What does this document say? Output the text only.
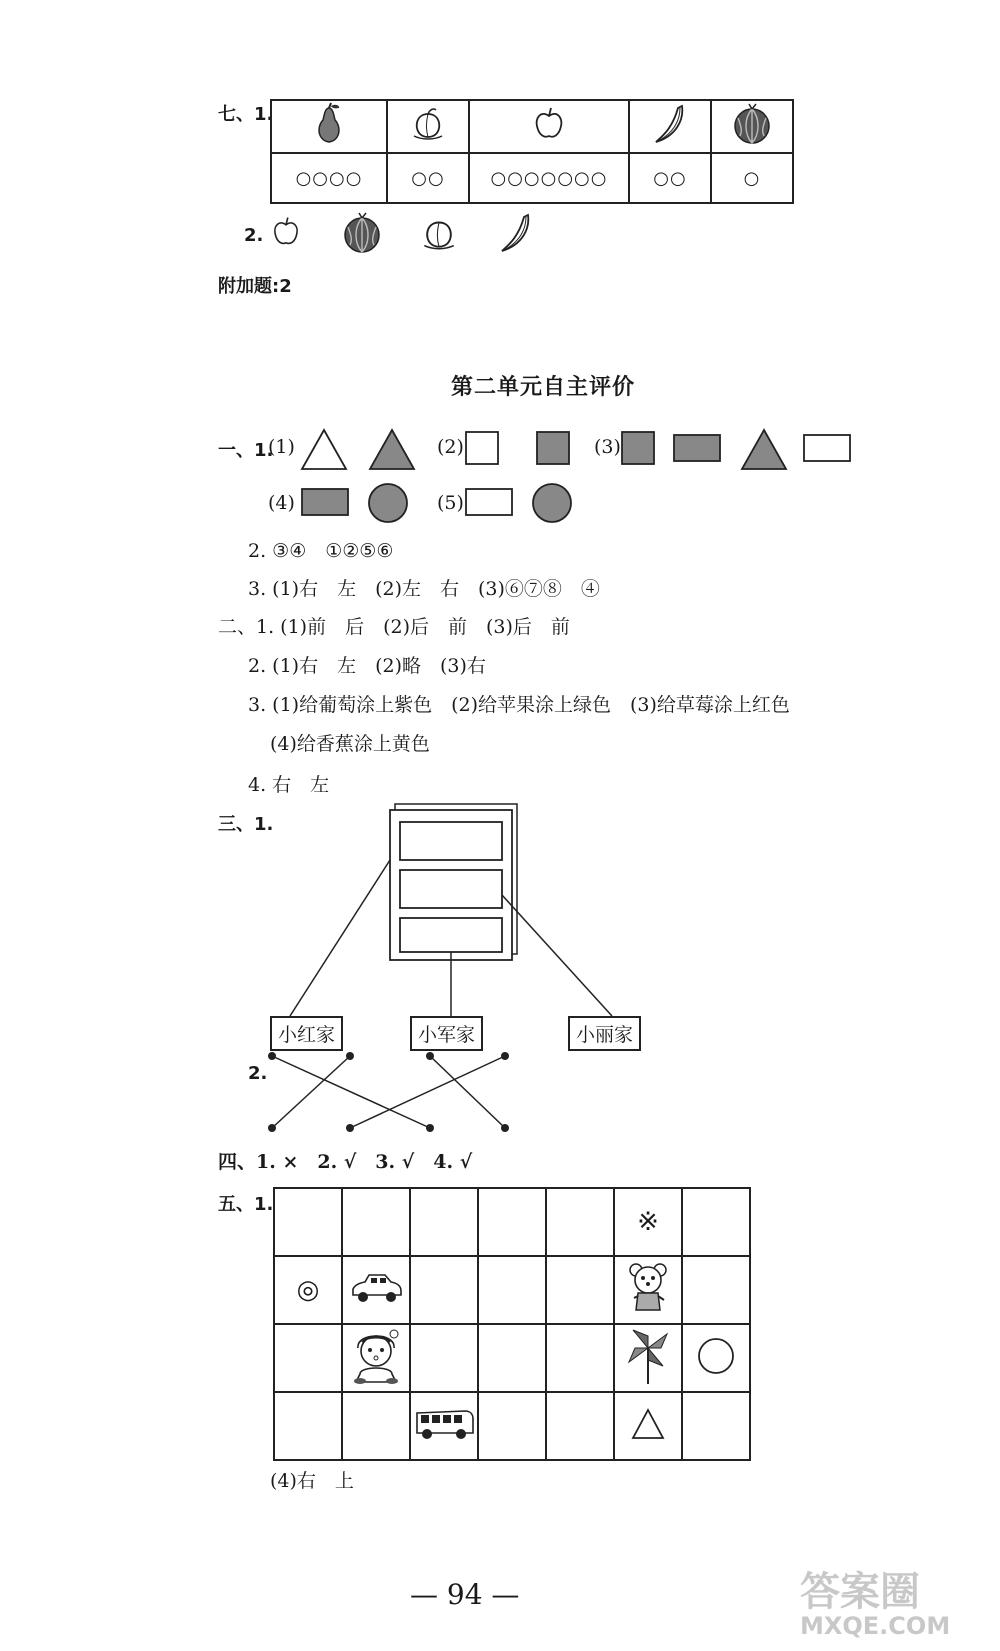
七、1.

○○○○	○○	○○○○○○○	○○	○
2.
附加题:2
第二单元自主评价
一、1.
(1)	(2)	(3)
(4)	(5)
2. ③④　①②⑤⑥
3. (1)右　左　(2)左　右　(3)⑥⑦⑧　④
二、1. (1)前　后　(2)后　前　(3)后　前
2. (1)右　左　(2)略　(3)右
3. (1)给葡萄涂上紫色　(2)给苹果涂上绿色　(3)给草莓涂上红色
(4)给香蕉涂上黄色
4. 右　左
三、1.
小红家	小军家	小丽家
2.
四、1. ×　2. √　3. √　4. √
五、1.
					※	
◎						

(4)右　上
— 94 —	答案圈
MXQE.COM
